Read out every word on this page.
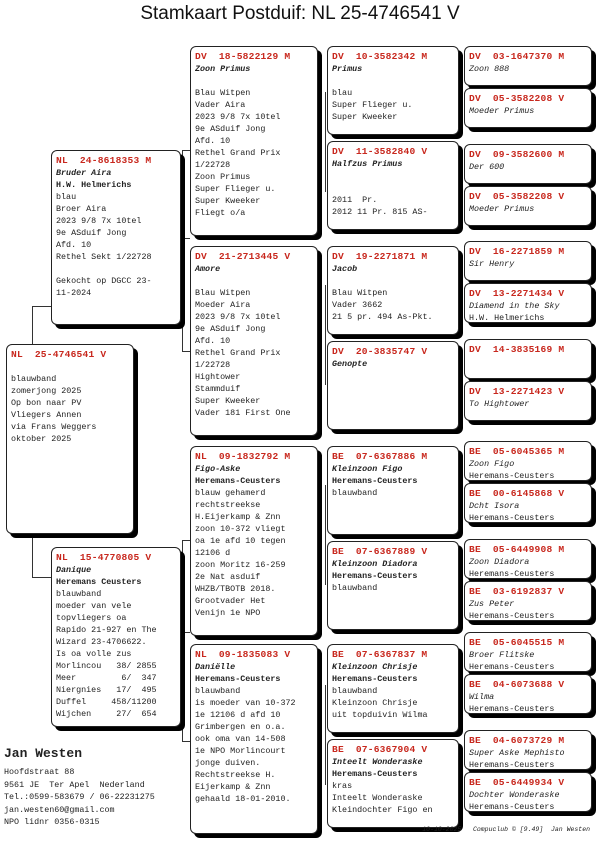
Stamkaart Postduif: NL 25-4746541 V
NL  25-4746541 V

blauwband
zomerjong 2025
Op bon naar PV
Vliegers Annen
via Frans Weggers
oktober 2025
NL  24-8618353 M
Bruder Aira
H.W. Helmerichs
blau
Broer Aira
2023 9/8 7x 10tel
9e ASduif Jong
Afd. 10
Rethel Sekt 1/22728

Gekocht op DGCC 23-
11-2024
NL  15-4770805 V
Danique
Heremans Ceusters
blauwband
moeder van vele
topvliegers oa
Rapido 21-927 en The
Wizard 23-4706622.
Is oa volle zus
Morlincou   38/ 2855
Meer         6/  347
Niergnies   17/  495
Duffel     458/11200
Wijchen     27/  654
DV  18-5822129 M
Zoon Primus

Blau Witpen
Vader Aira
2023 9/8 7x 10tel
9e ASduif Jong
Afd. 10
Rethel Grand Prix
1/22728
Zoon Primus
Super Flieger u.
Super Kweeker
Fliegt o/a
DV  21-2713445 V
Amore

Blau Witpen
Moeder Aira
2023 9/8 7x 10tel
9e ASduif Jong
Afd. 10
Rethel Grand Prix
1/22728
Hightower
Stammduif
Super Kweeker
Vader 181 First One
NL  09-1832792 M
Figo-Aske
Heremans-Ceusters
blauw gehamerd
rechtstreekse
H.Eijerkamp & Znn
zoon 10-372 vliegt
oa 1e afd 10 tegen
12106 d
zoon Moritz 16-259
2e Nat asduif
WHZB/TBOTB 2018.
Grootvader Het
Venijn 1e NPO
NL  09-1835083 V
Daniëlle
Heremans-Ceusters
blauwband
is moeder van 10-372
1e 12106 d afd 10
Grimbergen en o.a.
ook oma van 14-508
1e NPO Morlincourt
jonge duiven.
Rechtstreekse H.
Eijerkamp & Znn
gehaald 18-01-2010.
DV  10-3582342 M
Primus

blau
Super Flieger u.
Super Kweeker
DV  11-3582840 V
Halfzus Primus

2011  Pr.
2012 11 Pr. 815 AS-
DV  19-2271871 M
Jacob

Blau Witpen
Vader 3662
21 5 pr. 494 As-Pkt.
DV  20-3835747 V
Genopte
BE  07-6367886 M
Kleinzoon Figo
Heremans-Ceusters
blauwband
BE  07-6367889 V
Kleinzoon Diadora
Heremans-Ceusters
blauwband
BE  07-6367837 M
Kleinzoon Chrisje
Heremans-Ceusters
blauwband
Kleinzoon Chrisje
uit topduivin Wilma
BE  07-6367904 V
Inteelt Wonderaske
Heremans-Ceusters
kras
Inteelt Wonderaske
Kleindochter Figo en
DV  03-1647370 M
Zoon 888
DV  05-3582208 V
Moeder Primus
DV  09-3582600 M
Der 600
DV  05-3582208 V
Moeder Primus
DV  16-2271859 M
Sir Henry
DV  13-2271434 V
Diamend in the Sky
H.W. Helmerichs
DV  14-3835169 M

DV  13-2271423 V
To Hightower
BE  05-6045365 M
Zoon Figo
Heremans-Ceusters
BE  00-6145868 V
Dcht Isora
Heremans-Ceusters
BE  05-6449908 M
Zoon Diadora
Heremans-Ceusters
BE  03-6192837 V
Zus Peter
Heremans-Ceusters
BE  05-6045515 M
Broer Flitske
Heremans-Ceusters
BE  04-6073688 V
Wilma
Heremans-Ceusters
BE  04-6073729 M
Super Aske Mephisto
Heremans-Ceusters
BE  05-6449934 V
Dochter Wonderaske
Heremans-Ceusters
Jan Westen
Hoofdstraat 88
9561 JE  Ter Apel  Nederland
Tel.:0599-583679 / 06-22231275
jan.westen60@gmail.com
NPO lidnr 0356-0315
10-10-2025   Compuclub © [9.49]  Jan Westen
